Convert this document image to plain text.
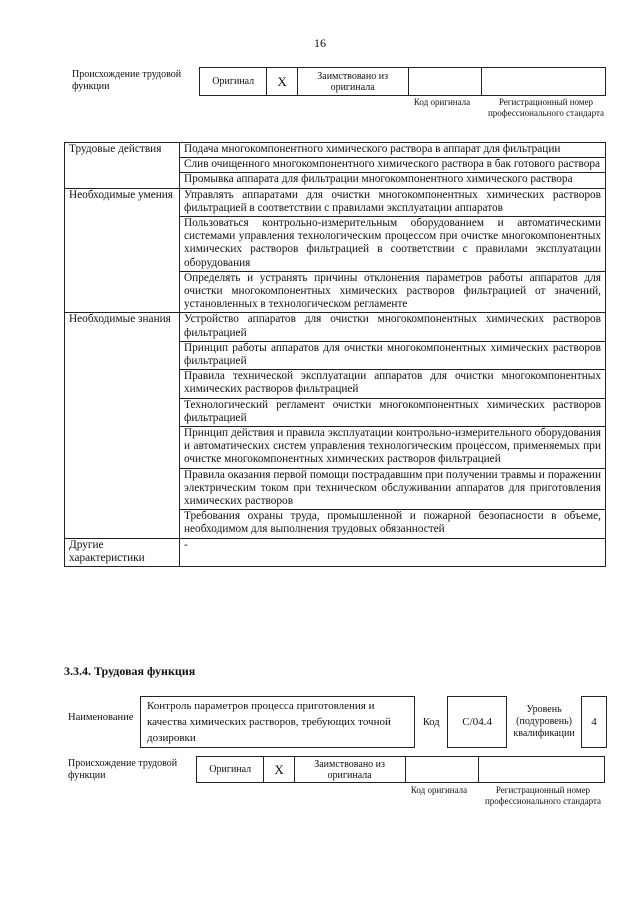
16
Происхождение трудовой функции	Оригинал	X	Заимствовано из оригинала		
Код оригинала	Регистрационный номер профессионального стандарта
Трудовые действия	Подача многокомпонентного химического раствора в аппарат для фильтрации
	Слив очищенного многокомпонентного химического раствора в бак готового раствора
	Промывка аппарата для фильтрации многокомпонентного химического раствора
Необходимые умения	Управлять аппаратами для очистки многокомпонентных химических растворов фильтрацией в соответствии с правилами эксплуатации аппаратов
	Пользоваться контрольно-измерительным оборудованием и автоматическими системами управления технологическим процессом при очистке многокомпонентных химических растворов фильтрацией в соответствии с правилами эксплуатации оборудования
	Определять и устранять причины отклонения параметров работы аппаратов для очистки многокомпонентных химических растворов фильтрацией от значений, установленных в технологическом регламенте
Необходимые знания	Устройство аппаратов для очистки многокомпонентных химических растворов фильтрацией
	Принцип работы аппаратов для очистки многокомпонентных химических растворов фильтрацией
	Правила технической эксплуатации аппаратов для очистки многокомпонентных химических растворов фильтрацией
	Технологический регламент очистки многокомпонентных химических растворов фильтрацией
	Принцип действия и правила эксплуатации контрольно-измерительного оборудования и автоматических систем управления технологическим процессом, применяемых при очистке многокомпонентных химических растворов фильтрацией
	Правила оказания первой помощи пострадавшим при получении травмы и поражении электрическим током при техническом обслуживании аппаратов для приготовления химических растворов
	Требования охраны труда, промышленной и пожарной безопасности в объеме, необходимом для выполнения трудовых обязанностей
Другие характеристики	-
3.3.4. Трудовая функция
Наименование
Контроль параметров процесса приготовления и качества химических растворов, требующих точной дозировки	Код	C/04.4	Уровень (подуровень) квалификации	4
Происхождение трудовой функции
Оригинал	X	Заимствовано из оригинала		
Код оригинала	Регистрационный номер профессионального стандарта
